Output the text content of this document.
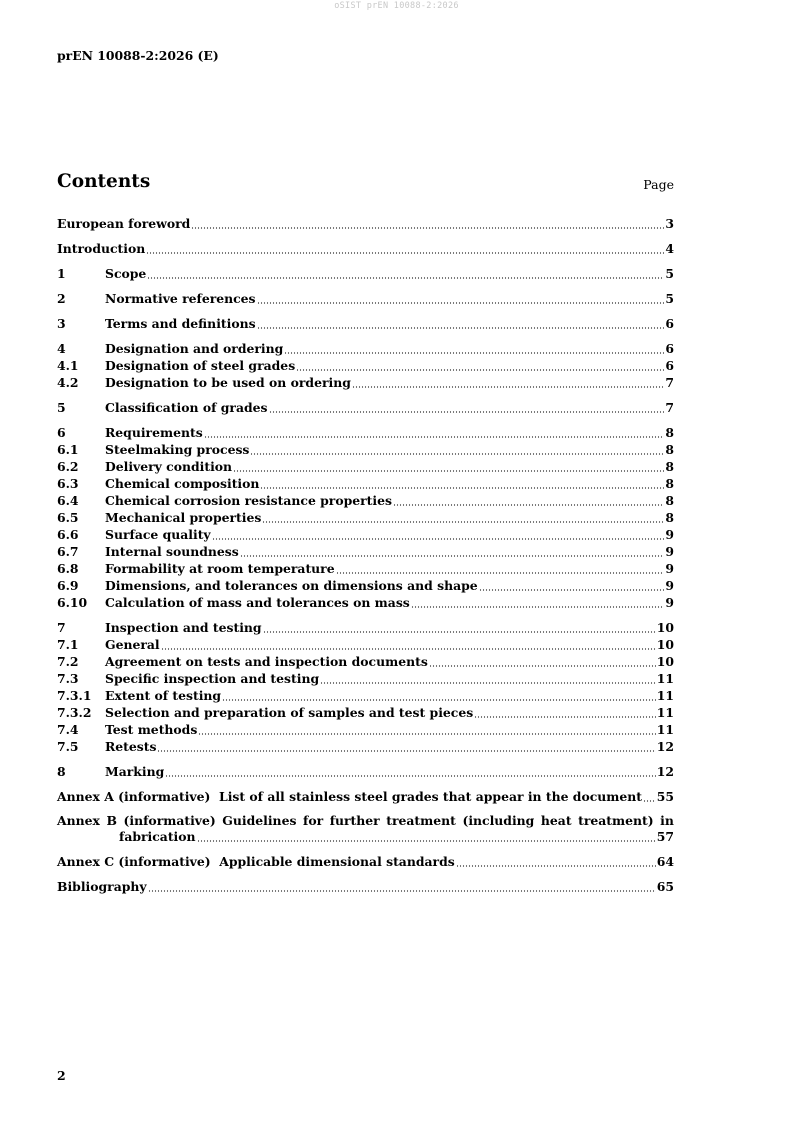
oSIST prEN 10088-2:2026
prEN 10088-2:2026 (E)
Contents	Page
European foreword	3
Introduction	4
1	Scope	5
2	Normative references	5
3	Terms and definitions	6
4	Designation and ordering	6
4.1	Designation of steel grades	6
4.2	Designation to be used on ordering	7
5	Classification of grades	7
6	Requirements	8
6.1	Steelmaking process	8
6.2	Delivery condition	8
6.3	Chemical composition	8
6.4	Chemical corrosion resistance properties	8
6.5	Mechanical properties	8
6.6	Surface quality	9
6.7	Internal soundness	9
6.8	Formability at room temperature	9
6.9	Dimensions, and tolerances on dimensions and shape	9
6.10	Calculation of mass and tolerances on mass	9
7	Inspection and testing	10
7.1	General	10
7.2	Agreement on tests and inspection documents	10
7.3	Specific inspection and testing	11
7.3.1	Extent of testing	11
7.3.2	Selection and preparation of samples and test pieces	11
7.4	Test methods	11
7.5	Retests	12
8	Marking	12
Annex A (informative)  List of all stainless steel grades that appear in the document 55
Annex B (informative) Guidelines for further treatment (including heat treatment) in
fabrication	57
Annex C (informative)  Applicable dimensional standards	64
Bibliography	65
2
